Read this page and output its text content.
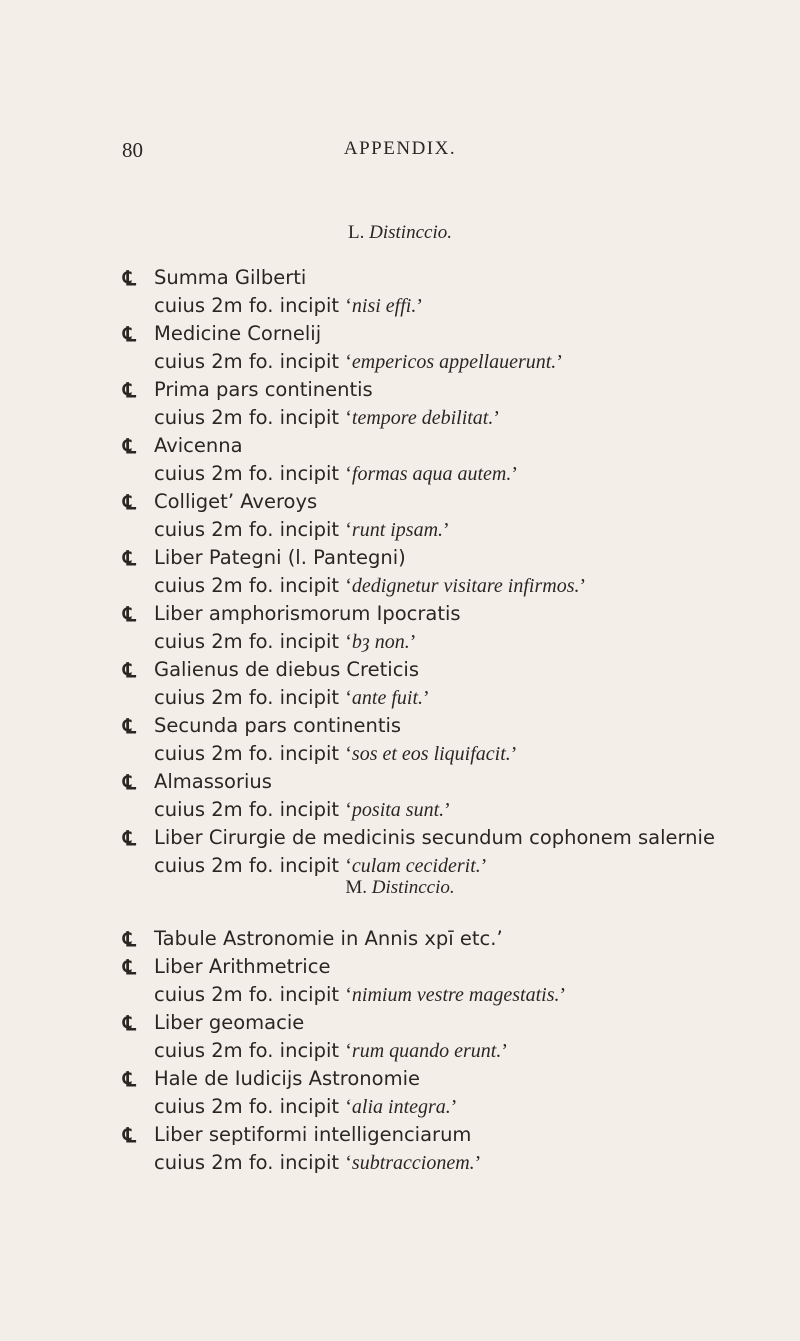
80	APPENDIX.
L. Distinccio.
℄ Summa Gilberti
cuius 2m fo. incipit ‘nisi effi.’
℄ Medicine Cornelij
cuius 2m fo. incipit ‘empericos appellauerunt.’
℄ Prima pars continentis
cuius 2m fo. incipit ‘tempore debilitat.’
℄ Avicenna
cuius 2m fo. incipit ‘formas aqua autem.’
℄ Colliget’ Averoys
cuius 2m fo. incipit ‘runt ipsam.’
℄ Liber Pategni (l. Pantegni)
cuius 2m fo. incipit ‘dedignetur visitare infirmos.’
℄ Liber amphorismorum Ipocratis
cuius 2m fo. incipit ‘bȝ non.’
℄ Galienus de diebus Creticis
cuius 2m fo. incipit ‘ante fuit.’
℄ Secunda pars continentis
cuius 2m fo. incipit ‘sos et eos liquifacit.’
℄ Almassorius
cuius 2m fo. incipit ‘posita sunt.’
℄ Liber Cirurgie de medicinis secundum cophonem salernie
cuius 2m fo. incipit ‘culam ceciderit.’
M. Distinccio.
℄ Tabule Astronomie in Annis xpī etc.’
℄ Liber Arithmetrice
cuius 2m fo. incipit ‘nimium vestre magestatis.’
℄ Liber geomacie
cuius 2m fo. incipit ‘rum quando erunt.’
℄ Hale de Iudicijs Astronomie
cuius 2m fo. incipit ‘alia integra.’
℄ Liber septiformi intelligenciarum
cuius 2m fo. incipit ‘subtraccionem.’
